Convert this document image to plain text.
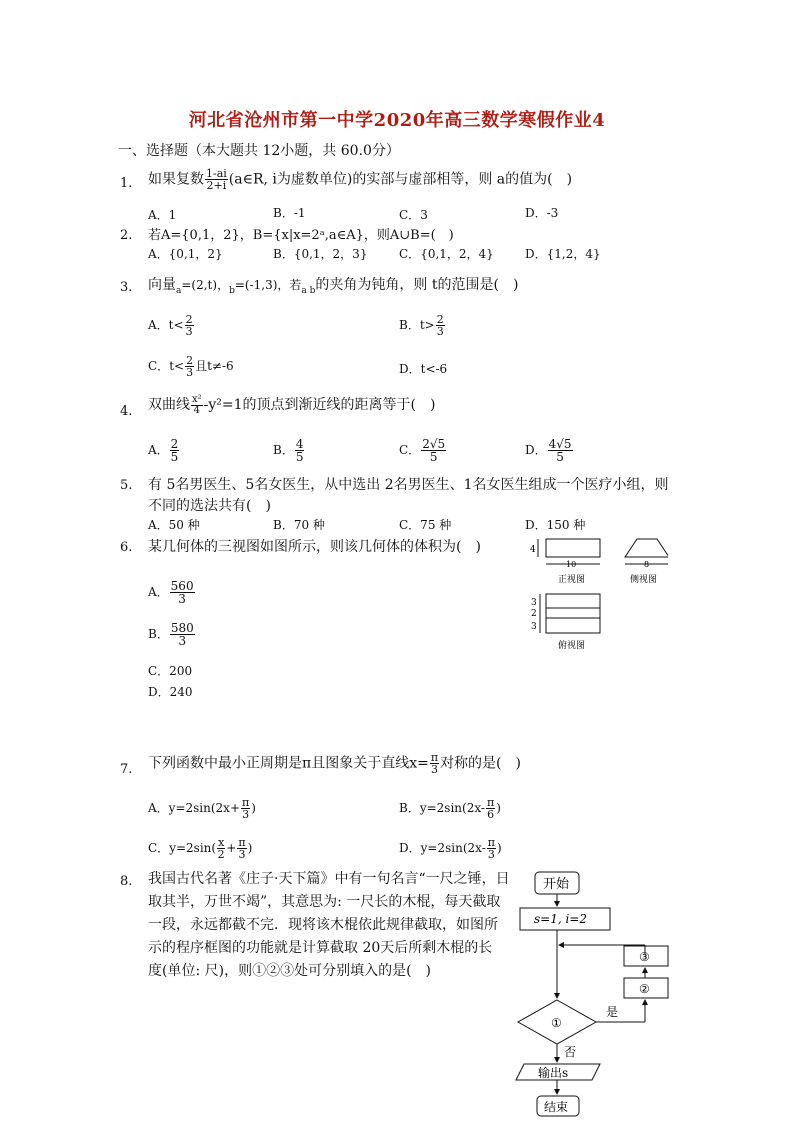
河北省沧州市第一中学2020年高三数学寒假作业4
一、选择题（本大题共 12小题，共 60.0分）
1. 如果复数 $\frac{1-ai}{2+i}$ (a∈R, i为虚数单位)的实部与虚部相等，则 a的值为(　)
A．1	B．-1	C．3	D．-3
2. 若A={0,1，2}，B={x|x=2ᵃ,a∈A}，则A∪B=(　)
A．{0,1，2}	B．{0,1，2，3}	C．{0,1，2，4}	D．{1,2，4}
3. 向量$_a$=(2,t)，$_b$=(-1,3)，若$_{a b}$的夹角为钝角，则 t的范围是(　)
A．$t< \frac{2}{3}$	B．$t> \frac{2}{3}$
C．$t< \frac{2}{3}$ 且t≠-6	D．t<-6
4. 双曲线 $\frac{\text{x²}}{4} -y^2=1$的顶点到渐近线的距离等于(　)
A． $\frac{2}{5}$	B． $\frac{4}{5}$	C． $\frac{2√5}{5}$	D． $\frac{4√5}{5}$
5. 有 5名男医生、5名女医生，从中选出 2名男医生、1名女医生组成一个医疗小组，则
不同的选法共有(　)
A．50 种	B．70 种	C．75 种	D．150 种
6. 某几何体的三视图如图所示，则该几何体的体积为(　)
A． $\frac{560}{3}$
B． $\frac{580}{3}$
C．200
D．240
4
10
正视图
8
侧视图
3
2
3
俯视图
7. 下列函数中最小正周期是π且图象关于直线$x= \frac{\pi}{3}$ 对称的是(　)
A．$y=2\sin(2x+ \frac{\pi}{3}$ )	B．$y=2\sin(2x- \frac{\pi}{6}$ )
C．$y=2\sin( \frac{x}{2} + \frac{\pi}{3}$ )	D．$y=2\sin(2x- \frac{\pi}{3}$ )
8. 我国古代名著《庄子·天下篇》中有一句名言“一尺之锤，日
取其半，万世不竭”，其意思为: 一尺长的木棍，每天截取
一段，永远都截不完．现将该木棍依此规律截取，如图所
示的程序框图的功能就是计算截取 20天后所剩木棍的长
度(单位: 尺)，则①②③处可分别填入的是(　)
开始
s=1, i=2
③
②
①
是
否
输出s
结束
